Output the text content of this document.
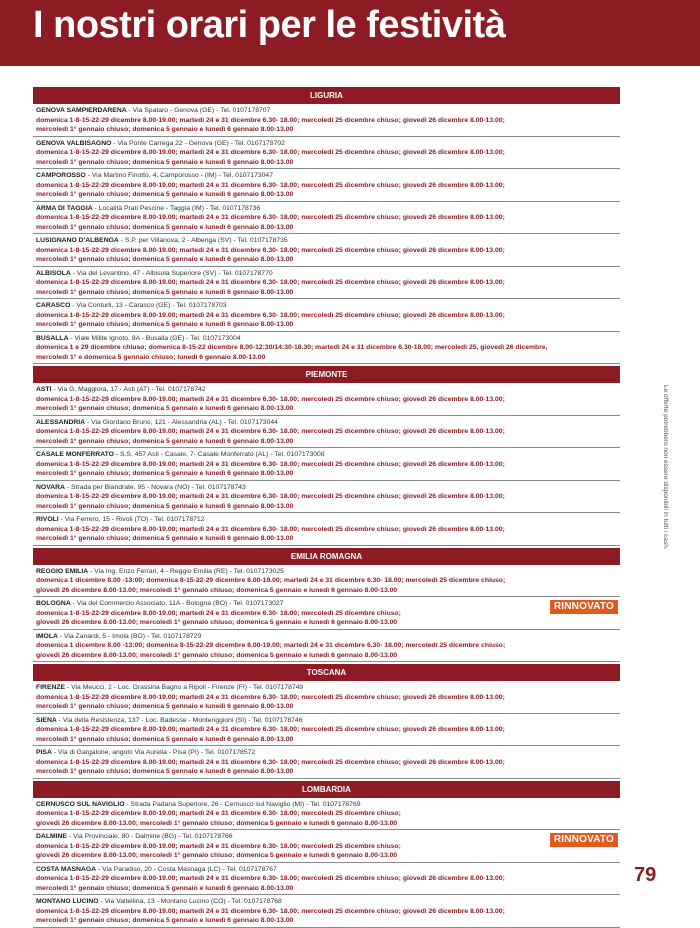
I nostri orari per le festività
LIGURIA
GENOVA SAMPIERDARENA - Via Spataro - Genova (GE) - Tel. 0107178707
domenica 1-8-15-22-29 dicembre 8.00-19.00; martedì 24 e 31 dicembre 6.30- 18.00; mercoledì 25 dicembre chiuso; giovedì 26 dicembre 8.00-13.00;
mercoledì 1° gennaio chiuso; domenica 5 gennaio e lunedì 6 gennaio 8.00-13.00
GENOVA VALBISAGNO - Via Ponte Carrega 22 - Genova (GE) - Tel. 0107178702
domenica 1-8-15-22-29 dicembre 8.00-19.00; martedì 24 e 31 dicembre 6.30- 18.00; mercoledì 25 dicembre chiuso; giovedì 26 dicembre 8.00-13.00;
mercoledì 1° gennaio chiuso; domenica 5 gennaio e lunedì 6 gennaio 8.00-13.00
CAMPOROSSO - Via Martino Finotto, 4, Camporosso - (IM) - Tel. 0107173047
domenica 1-8-15-22-29 dicembre 8.00-19.00; martedì 24 e 31 dicembre 6.30- 18.00; mercoledì 25 dicembre chiuso; giovedì 26 dicembre 8.00-13.00;
mercoledì 1° gennaio chiuso; domenica 5 gennaio e lunedì 6 gennaio 8.00-13.00
ARMA DI TAGGIA - Località Prati Pescine - Taggia (IM) - Tel. 0107178736
domenica 1-8-15-22-29 dicembre 8.00-19.00; martedì 24 e 31 dicembre 6.30- 18.00; mercoledì 25 dicembre chiuso; giovedì 26 dicembre 8.00-13.00;
mercoledì 1° gennaio chiuso; domenica 5 gennaio e lunedì 6 gennaio 8.00-13.00
LUSIGNANO D'ALBENGA - S.P. per Villanova, 2 - Albenga (SV) - Tel. 0107178735
domenica 1-8-15-22-29 dicembre 8.00-19.00; martedì 24 e 31 dicembre 6.30- 18.00; mercoledì 25 dicembre chiuso; giovedì 26 dicembre 8.00-13.00;
mercoledì 1° gennaio chiuso; domenica 5 gennaio e lunedì 6 gennaio 8.00-13.00
ALBISOLA - Via del Levantino, 47 - Albisola Superiore (SV) - Tel. 0107178770
domenica 1-8-15-22-29 dicembre 8.00-19.00; martedì 24 e 31 dicembre 6.30- 18.00; mercoledì 25 dicembre chiuso; giovedì 26 dicembre 8.00-13.00;
mercoledì 1° gennaio chiuso; domenica 5 gennaio e lunedì 6 gennaio 8.00-13.00
CARASCO - Via Conturli, 13 - Carasco (GE) - Tel. 0107178703
domenica 1-8-15-22-29 dicembre 8.00-19.00; martedì 24 e 31 dicembre 6.30- 18.00; mercoledì 25 dicembre chiuso; giovedì 26 dicembre 8.00-13.00;
mercoledì 1° gennaio chiuso; domenica 5 gennaio e lunedì 6 gennaio 8.00-13.00
BUSALLA - Viale Milite Ignoto, 8A - Busalla (GE) - Tel. 0107173004
domenica 1 e 29 dicembre chiuso; domenica 8-15-22 dicembre 8.00-12:30/14:30-18.30; martedì 24 e 31 dicembre 6.30-18.00; mercoledì 25, giovedì 26 dicembre,
mercoledì 1° e domenica 5 gennaio chiuso; lunedì 6 gennaio 8.00-13.00
PIEMONTE
ASTI - Via G. Maggiora, 17 - Asti (AT) - Tel. 0107178742
domenica 1-8-15-22-29 dicembre 8.00-19.00; martedì 24 e 31 dicembre 6.30- 18.00; mercoledì 25 dicembre chiuso; giovedì 26 dicembre 8.00-13.00;
mercoledì 1° gennaio chiuso; domenica 5 gennaio e lunedì 6 gennaio 8.00-13.00
ALESSANDRIA - Via Giordano Bruno, 121 - Alessandria (AL) - Tel. 0107173044
domenica 1-8-15-22-29 dicembre 8.00-19.00; martedì 24 e 31 dicembre 6.30- 18.00; mercoledì 25 dicembre chiuso; giovedì 26 dicembre 8.00-13.00;
mercoledì 1° gennaio chiuso; domenica 5 gennaio e lunedì 6 gennaio 8.00-13.00
CASALE MONFERRATO - S.S. 457 Asti - Casale, 7- Casale Monferrato (AL) - Tel. 0107173008
domenica 1-8-15-22-29 dicembre 8.00-19.00; martedì 24 e 31 dicembre 6.30- 18.00; mercoledì 25 dicembre chiuso; giovedì 26 dicembre 8.00-13.00;
mercoledì 1° gennaio chiuso; domenica 5 gennaio e lunedì 6 gennaio 8.00-13.00
NOVARA - Strada per Biandrate, 95 - Novara (NO) - Tel. 0107178743
domenica 1-8-15-22-29 dicembre 8.00-19.00; martedì 24 e 31 dicembre 6.30- 18.00; mercoledì 25 dicembre chiuso; giovedì 26 dicembre 8.00-13.00;
mercoledì 1° gennaio chiuso; domenica 5 gennaio e lunedì 6 gennaio 8.00-13.00
RIVOLI - Via Ferrero, 15 - Rivoli (TO) - Tel. 0107178712
domenica 1-8-15-22-29 dicembre 8.00-19.00; martedì 24 e 31 dicembre 6.30- 18.00; mercoledì 25 dicembre chiuso; giovedì 26 dicembre 8.00-13.00;
mercoledì 1° gennaio chiuso; domenica 5 gennaio e lunedì 6 gennaio 8.00-13.00
EMILIA ROMAGNA
REGGIO EMILIA - Via Ing. Enzo Ferrari, 4 - Reggio Emilia (RE) - Tel. 0107173025
domenica 1 dicembre 8.00 -13:00; domenica 8-15-22-29 dicembre 8.00-19.00; martedì 24 e 31 dicembre 6.30- 18.00; mercoledì 25 dicembre chiuso;
giovedì 26 dicembre 8.00-13.00; mercoledì 1° gennaio chiuso; domenica 5 gennaio e lunedì 6 gennaio 8.00-13.00
BOLOGNA - Via del Commercio Associato, 11A - Bologna (BO) - Tel. 0107173027
domenica 1-8-15-22-29 dicembre 8.00-19.00; martedì 24 e 31 dicembre 6.30- 18.00; mercoledì 25 dicembre chiuso;
giovedì 26 dicembre 8.00-13.00; mercoledì 1° gennaio chiuso; domenica 5 gennaio e lunedì 6 gennaio 8.00-13.00
RINNOVATO
IMOLA - Via Zanardi, 5 - Imola (BO) - Tel. 0107178729
domenica 1 dicembre 8.00 -13:00; domenica 8-15-22-29 dicembre 8.00-19.00; martedì 24 e 31 dicembre 6.30- 18.00; mercoledì 25 dicembre chiuso;
giovedì 26 dicembre 8.00-13.00; mercoledì 1° gennaio chiuso; domenica 5 gennaio e lunedì 6 gennaio 8.00-13.00
TOSCANA
FIRENZE - Via Meucci, 2 - Loc. Grassina Bagno a Ripoli - Firenze (FI) - Tel. 0107178749
domenica 1-8-15-22-29 dicembre 8.00-19.00; martedì 24 e 31 dicembre 6.30- 18.00; mercoledì 25 dicembre chiuso; giovedì 26 dicembre 8.00-13.00;
mercoledì 1° gennaio chiuso; domenica 5 gennaio e lunedì 6 gennaio 8.00-13.00
SIENA - Via della Resistenza, 137 - Loc. Badesse - Monteriggioni (SI) - Tel. 0107178746
domenica 1-8-15-22-29 dicembre 8.00-19.00; martedì 24 e 31 dicembre 6.30- 18.00; mercoledì 25 dicembre chiuso; giovedì 26 dicembre 8.00-13.00;
mercoledì 1° gennaio chiuso; domenica 5 gennaio e lunedì 6 gennaio 8.00-13.00
PISA - Via di Gargalone, angolo Via Aurelia - Pisa (PI) - Tel. 0107178572
domenica 1-8-15-22-29 dicembre 8.00-19.00; martedì 24 e 31 dicembre 6.30- 18.00; mercoledì 25 dicembre chiuso; giovedì 26 dicembre 8.00-13.00;
mercoledì 1° gennaio chiuso; domenica 5 gennaio e lunedì 6 gennaio 8.00-13.00
LOMBARDIA
CERNUSCO SUL NAVIGLIO - Strada Padana Superiore, 26 - Cernusco sul Naviglio (MI) - Tel. 0107178769
domenica 1-8-15-22-29 dicembre 8.00-19.00; martedì 24 e 31 dicembre 6.30- 18.00; mercoledì 25 dicembre chiuso;
giovedì 26 dicembre 8.00-13.00; mercoledì 1° gennaio chiuso; domenica 5 gennaio e lunedì 6 gennaio 8.00-13.00
DALMINE - Via Provinciale, 80 - Dalmine (BG) - Tel. 0107178766
domenica 1-8-15-22-29 dicembre 8.00-19.00; martedì 24 e 31 dicembre 6.30- 18.00; mercoledì 25 dicembre chiuso;
giovedì 26 dicembre 8.00-13.00; mercoledì 1° gennaio chiuso; domenica 5 gennaio e lunedì 6 gennaio 8.00-13.00
RINNOVATO
COSTA MASNAGA - Via Paradiso, 20 - Costa Masnaga (LC) - Tel. 0107178767
domenica 1-8-15-22-29 dicembre 8.00-19.00; martedì 24 e 31 dicembre 6.30- 18.00; mercoledì 25 dicembre chiuso; giovedì 26 dicembre 8.00-13.00;
mercoledì 1° gennaio chiuso; domenica 5 gennaio e lunedì 6 gennaio 8.00-13.00
MONTANO LUCINO - Via Valtellina, 13 - Montano Lucino (CO) - Tel. 0107178768
domenica 1-8-15-22-29 dicembre 8.00-19.00; martedì 24 e 31 dicembre 6.30- 18.00; mercoledì 25 dicembre chiuso; giovedì 26 dicembre 8.00-13.00;
mercoledì 1° gennaio chiuso; domenica 5 gennaio e lunedì 6 gennaio 8.00-13.00
Le offerte potrebbero non essere disponibili in tutti i cash.
79
